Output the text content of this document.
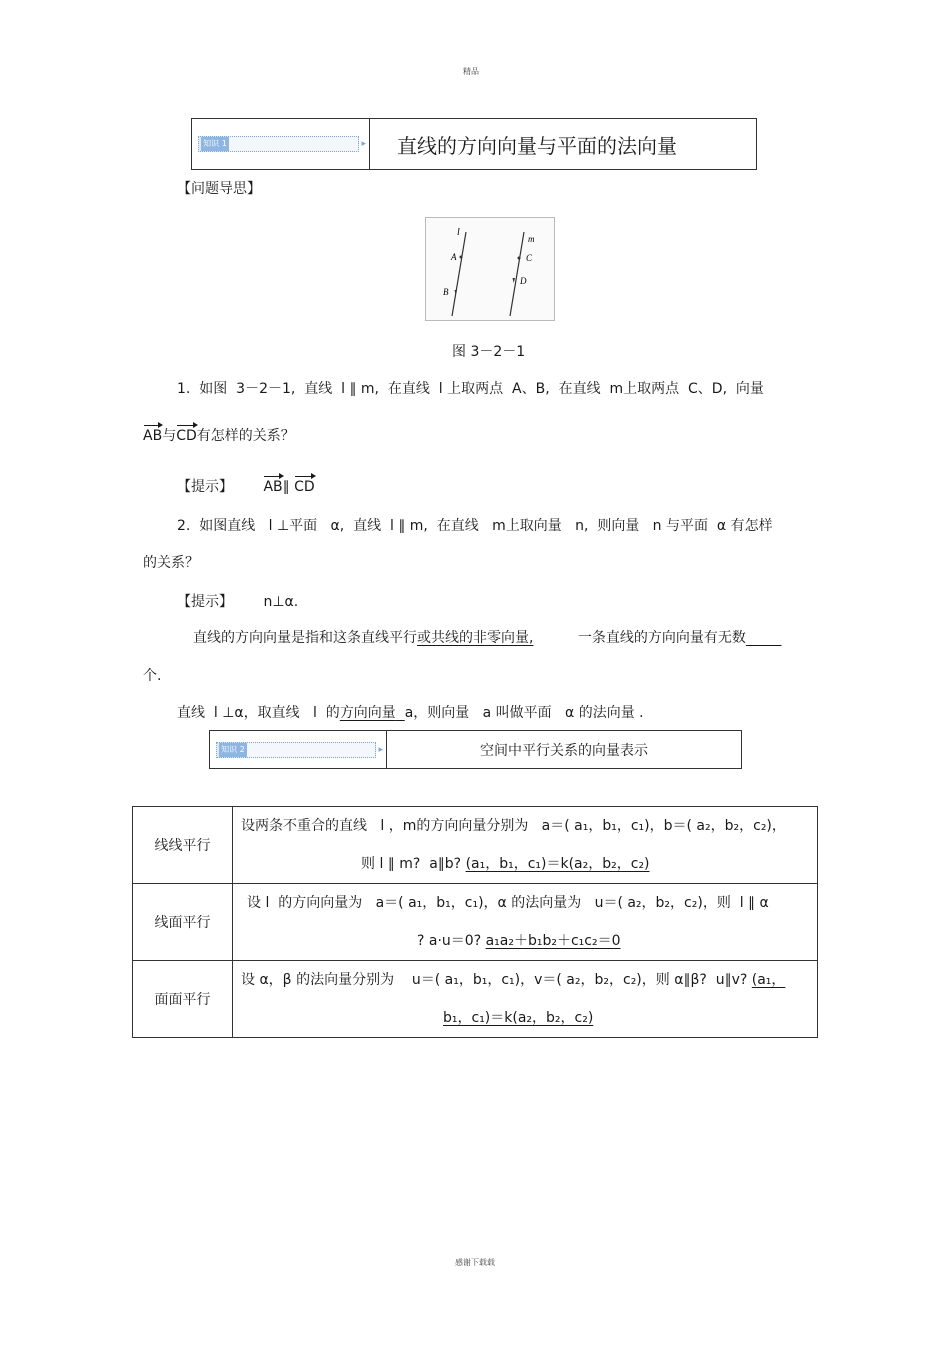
精品
知识 1	▸	直线的方向向量与平面的法向量
【问题导思】
l
A
B
m
C
D
图 3－2－1
1.  如图  3－2－1,  直线  l ∥ m,  在直线  l 上取两点  A、B,  在直线  m上取两点  C、D,  向量
AB与CD有怎样的关系？
【提示】 AB∥ CD
2.  如图直线   l ⊥平面   α,  直线  l ∥ m,  在直线   m上取向量   n,  则向量   n 与平面  α 有怎样
的关系？
【提示】 n⊥α.
直线的方向向量是指和这条直线平行或共线的非零向量,	一条直线的方向向量有无数
个.
直线  l ⊥α，取直线   l  的方向向量 a，则向量   a 叫做平面   α 的法向量 .
知识 2	▸	空间中平行关系的向量表示
线线平行	设两条不重合的直线   l ，m的方向向量分别为   a＝( a₁，b₁，c₁)，b＝( a₂，b₂，c₂)，
则 l ∥ m?  a∥b? (a₁，b₁，c₁)＝k(a₂，b₂，c₂)

线面平行	设 l  的方向向量为   a＝( a₁，b₁，c₁)，α 的法向量为   u＝( a₂，b₂，c₂)，则  l ∥ α
? a·u＝0? a₁a₂＋b₁b₂＋c₁c₂＝0

面面平行	设 α，β 的法向量分别为    u＝( a₁，b₁，c₁)，v＝( a₂，b₂，c₂)，则 α∥β?  u∥v? (a₁，
b₁，c₁)＝k(a₂，b₂，c₂)
感谢下载载
